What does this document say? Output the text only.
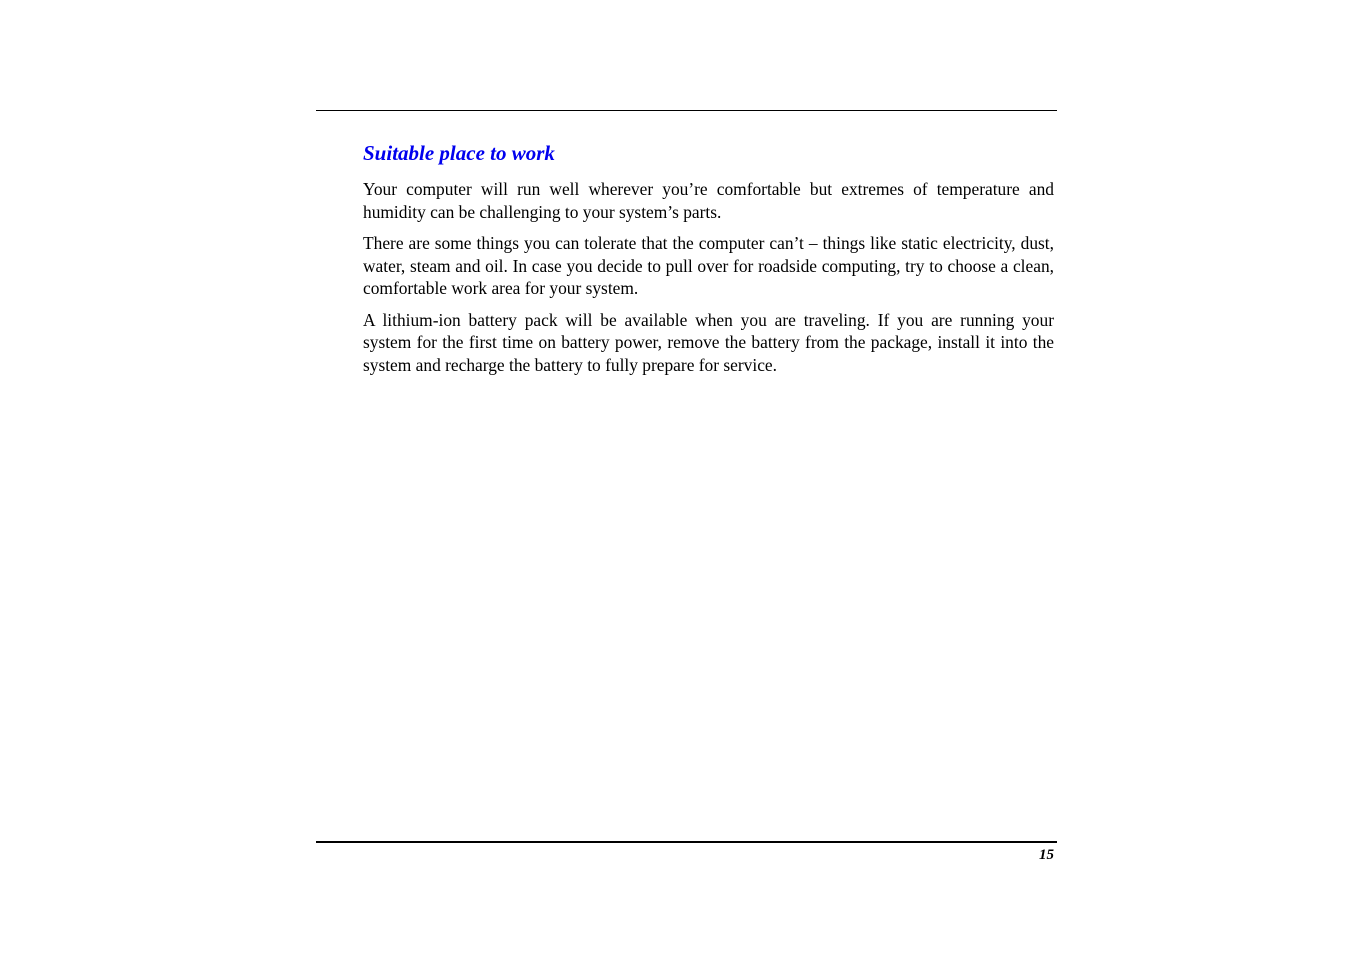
Suitable place to work

Your computer will run well wherever you’re comfortable but extremes of temperature and humidity can be challenging to your system’s parts.

There are some things you can tolerate that the computer can’t – things like static electricity, dust, water, steam and oil. In case you decide to pull over for roadside computing, try to choose a clean, comfortable work area for your system.

A lithium-ion battery pack will be available when you are traveling. If you are running your system for the first time on battery power, remove the battery from the package, install it into the system and recharge the battery to fully prepare for service.

15
